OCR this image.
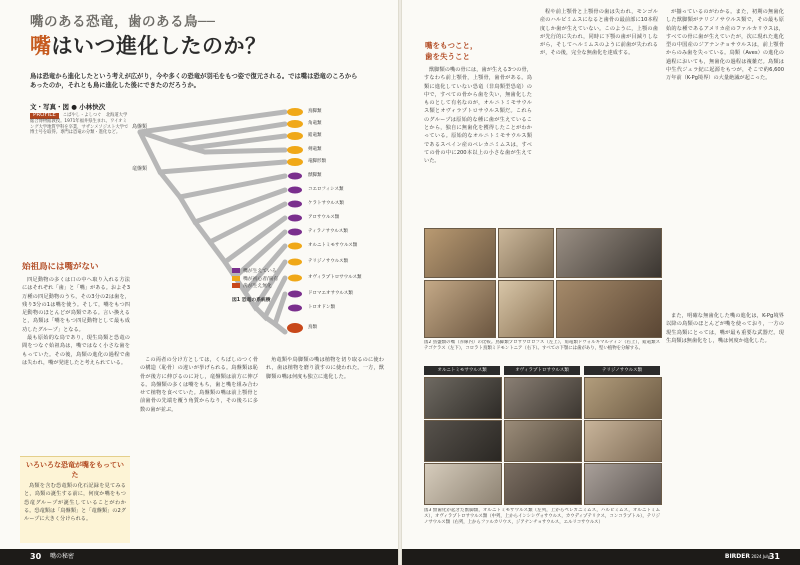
嘴のある恐竜，歯のある鳥──
嘴はいつ進化したのか？
鳥は恐竜から進化したという考えが広がり，今や多くの恐竜が羽毛をもつ姿で復元される。では嘴は恐竜のころからあったのか，それとも鳥に進化した後にできたのだろうか。
文・写真・図 ● 小林快次
PROFILE こばやし・よしつぐ　北海道大学総合博物館教授。1971年福井県生まれ。ワイオミング大学地質学科を卒業，サザンメソジスト大学で博士号を取得。専門は恐竜の分類・進化など。
鳥盤類
竜盤類
鳥脚類
角竜類
鎧竜類
剣竜類
竜脚形類
獣脚類
コエロフィシス類
ケラトサウルス類
アロサウルス類
ティラノサウルス類
オルニトミモサウルス類
テリジノサウルス類
オヴィラプトロサウルス類
ドロマエオサウルス類
トロオドン類
鳥類
嘴が生えている
嘴が初心者/歯有
歯が生え無化
図1 恐竜の系統樹
始祖鳥には嘴がない

四足動物の多くは口の中へ取り入れる方法にはそれぞれ「歯」と「嘴」がある。およそ3万種の四足動物のうち，その3分の2は歯を，残り3分の1は嘴を使う。そして，嘴をもつ四足動物のほとんどが鳥類である。言い換えると，鳥類は「嘴をもつ四足動物として最も成功したグループ」となる。

最も原始的な鳥であり，現生鳥類と恐竜の間をつなぐ始祖鳥は，嘴ではなく小さな歯をもっていた。その後，鳥類の進化の過程で歯は失われ，嘴が発達したと考えられている。

いろいろな恐竜が嘴をもっていた

鳥類を含む恐竜類の化石記録を見てみると，鳥類の誕生する前に，何度か嘴をもつ恐竜グループが誕生していることがわかる。恐竜類は「鳥盤類」と「竜盤類」の2グループに大きく分けられる。

この両者の分け方としては，くちばしのつく骨の構造（恥骨）の違いが挙げられる。鳥盤類は恥骨が後方に伸びるのに対し，竜盤類は前方に伸びる。鳥盤類の多くは嘴をもち，歯と嘴を組み合わせて植物を食べていた。鳥盤類の嘴は前上顎骨と前歯骨の先端を覆う角質からなり，その後ろに多数の歯が並ぶ。

角竜類や鳥脚類の嘴は植物を切り取るのに使われ，歯は植物を磨り潰すのに使われた。一方，獣脚類の嘴は何度も独立に進化した。

嘴をもつこと，
歯を失うこと

獣脚類の嘴の骨には，歯が生える3つの骨，すなわち前上顎骨，上顎骨，歯骨がある。鳥類に進化していない恐竜（非鳥類型恐竜）の中で，すべての骨から歯を失い，無歯化したものとして有名なのが，オルニトミモサウルス類とオヴィラプトロサウルス類だ。これらのグループは原始的な種に歯が生えていることから，独自に無歯化を獲得したことがわかっている。原始的なオルニトミモサウルス類であるスペイン産のペレカニミムスは，すべての骨の中に200本以上の小さな歯が生えていた。

程や前上顎骨と上顎骨の歯は失われ，モンゴル産のハルピミムスになると歯骨の最前部に10本程度しか歯が生えていない。このように，上顎の歯が先行的に失われ，同時に下顎の歯が目減りしながら，そしてヘルミムスのように前歯が失われるが，その後，完全な無歯化を達成する。

が揃っているのがわかる。また，初期の無歯化した獣脚類がテリジノサウルス類で，その最も原始的な種であるアメリカ産のファルカリウスは，すべての骨に歯が生えていたが，次に現れた進化型の中国産のジアナンチョサウルスは，前上顎骨からのみ歯を失っている。鳥類（Aves）の進化の過程においても，無歯化の過程は複雑だ。鳥類は中生代ジュラ紀に起源をもつが，そこで約6,600万年前（K-Pg境界）の大量絶滅が起こった。

また，明確な無歯化した嘴の進化は，K-Pg境界以降の鳥類のほとんどが嘴を使っており，一方の現生鳥類にとっては，嘴が最も重要な武器だ。現生鳥類は無歯化をし，嘴は何度か進化した。

図2 鳥盤類の嘴（赤線内）の比較。鳥脚類プロサウロロフス（左上），角竜類ドヴォルキマルティン（右上），鎧竜類ステゴケラス（左下），コロラト鳥類ミドモントニア（右下）。すべての下顎には歯があり，堅い植物を分解する。
オルニトミモサウルス類	オヴィラプトロサウルス類	テリジノサウルス類
図3 無歯化が起きた獣脚類，オルニトミモサウルス類（左列，上からペレカニミムス，ハルピミムス，オルニトミムス），オヴィラプトロサウルス類（中列，上からインシシヴォサウルス，カウディプテリクス，コンコラプトル），テリジノサウルス類（右列，上からファルカリウス，ジアナンチョサウルス，エルリコサウルス）
30 嘴の秘密	BIRDER 2024 July
31
